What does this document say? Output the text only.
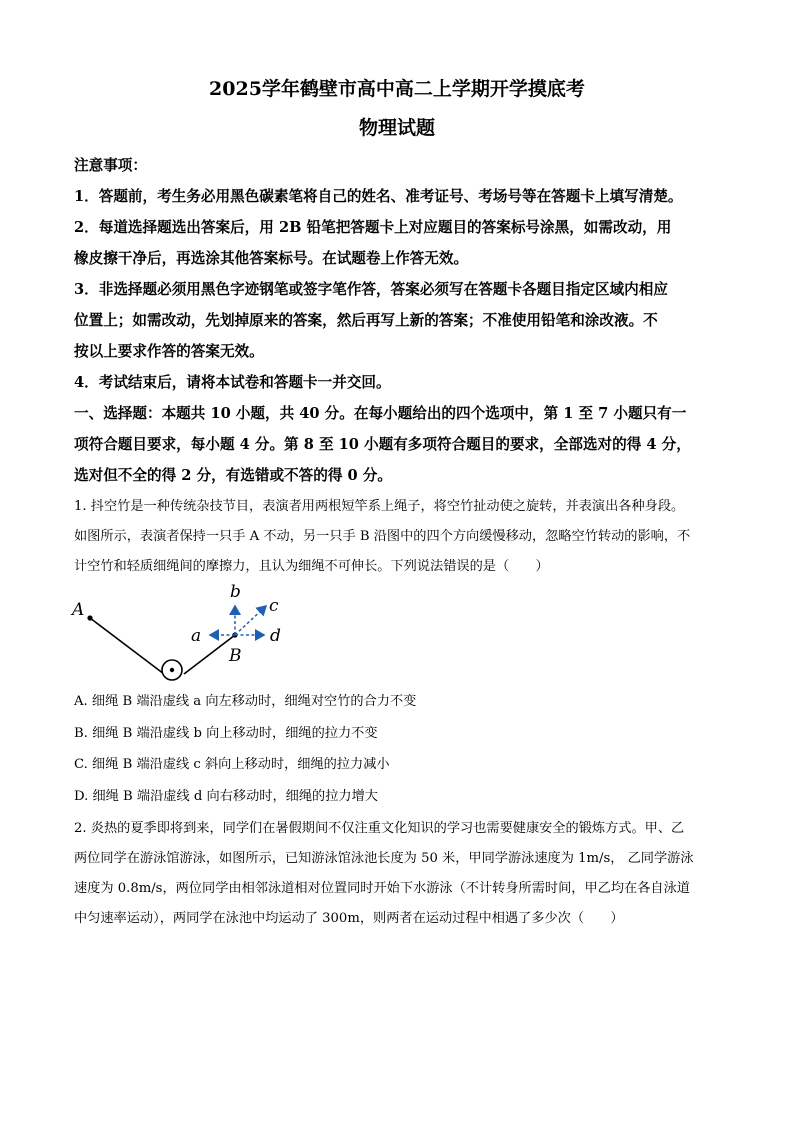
2025学年鹤壁市高中高二上学期开学摸底考
物理试题
注意事项：
1．答题前，考生务必用黑色碳素笔将自己的姓名、准考证号、考场号等在答题卡上填写清楚。
2．每道选择题选出答案后，用 2B 铅笔把答题卡上对应题目的答案标号涂黑，如需改动，用
橡皮擦干净后，再选涂其他答案标号。在试题卷上作答无效。
3．非选择题必须用黑色字迹钢笔或签字笔作答，答案必须写在答题卡各题目指定区域内相应
位置上；如需改动，先划掉原来的答案，然后再写上新的答案；不准使用铅笔和涂改液。不
按以上要求作答的答案无效。
4．考试结束后，请将本试卷和答题卡一并交回。
一、选择题：本题共 10 小题，共 40 分。在每小题给出的四个选项中，第 1 至 7 小题只有一
项符合题目要求，每小题 4 分。第 8 至 10 小题有多项符合题目的要求，全部选对的得 4 分，
选对但不全的得 2 分，有选错或不答的得 0 分。
1. 抖空竹是一种传统杂技节目，表演者用两根短竿系上绳子，将空竹扯动使之旋转，并表演出各种身段。
如图所示，表演者保持一只手 A 不动，另一只手 B 沿图中的四个方向缓慢移动，忽略空竹转动的影响，不
计空竹和轻质细绳间的摩擦力，且认为细绳不可伸长。下列说法错误的是（　　）
A
B
a
b
c
d
A. 细绳 B 端沿虚线 a 向左移动时，细绳对空竹的合力不变
B. 细绳 B 端沿虚线 b 向上移动时，细绳的拉力不变
C. 细绳 B 端沿虚线 c 斜向上移动时，细绳的拉力减小
D. 细绳 B 端沿虚线 d 向右移动时，细绳的拉力增大
2. 炎热的夏季即将到来，同学们在暑假期间不仅注重文化知识的学习也需要健康安全的锻炼方式。甲、乙
两位同学在游泳馆游泳，如图所示，已知游泳馆泳池长度为 50 米，甲同学游泳速度为 1m/s， 乙同学游泳
速度为 0.8m/s，两位同学由相邻泳道相对位置同时开始下水游泳（不计转身所需时间，甲乙均在各自泳道
中匀速率运动），两同学在泳池中均运动了 300m，则两者在运动过程中相遇了多少次（　　）
